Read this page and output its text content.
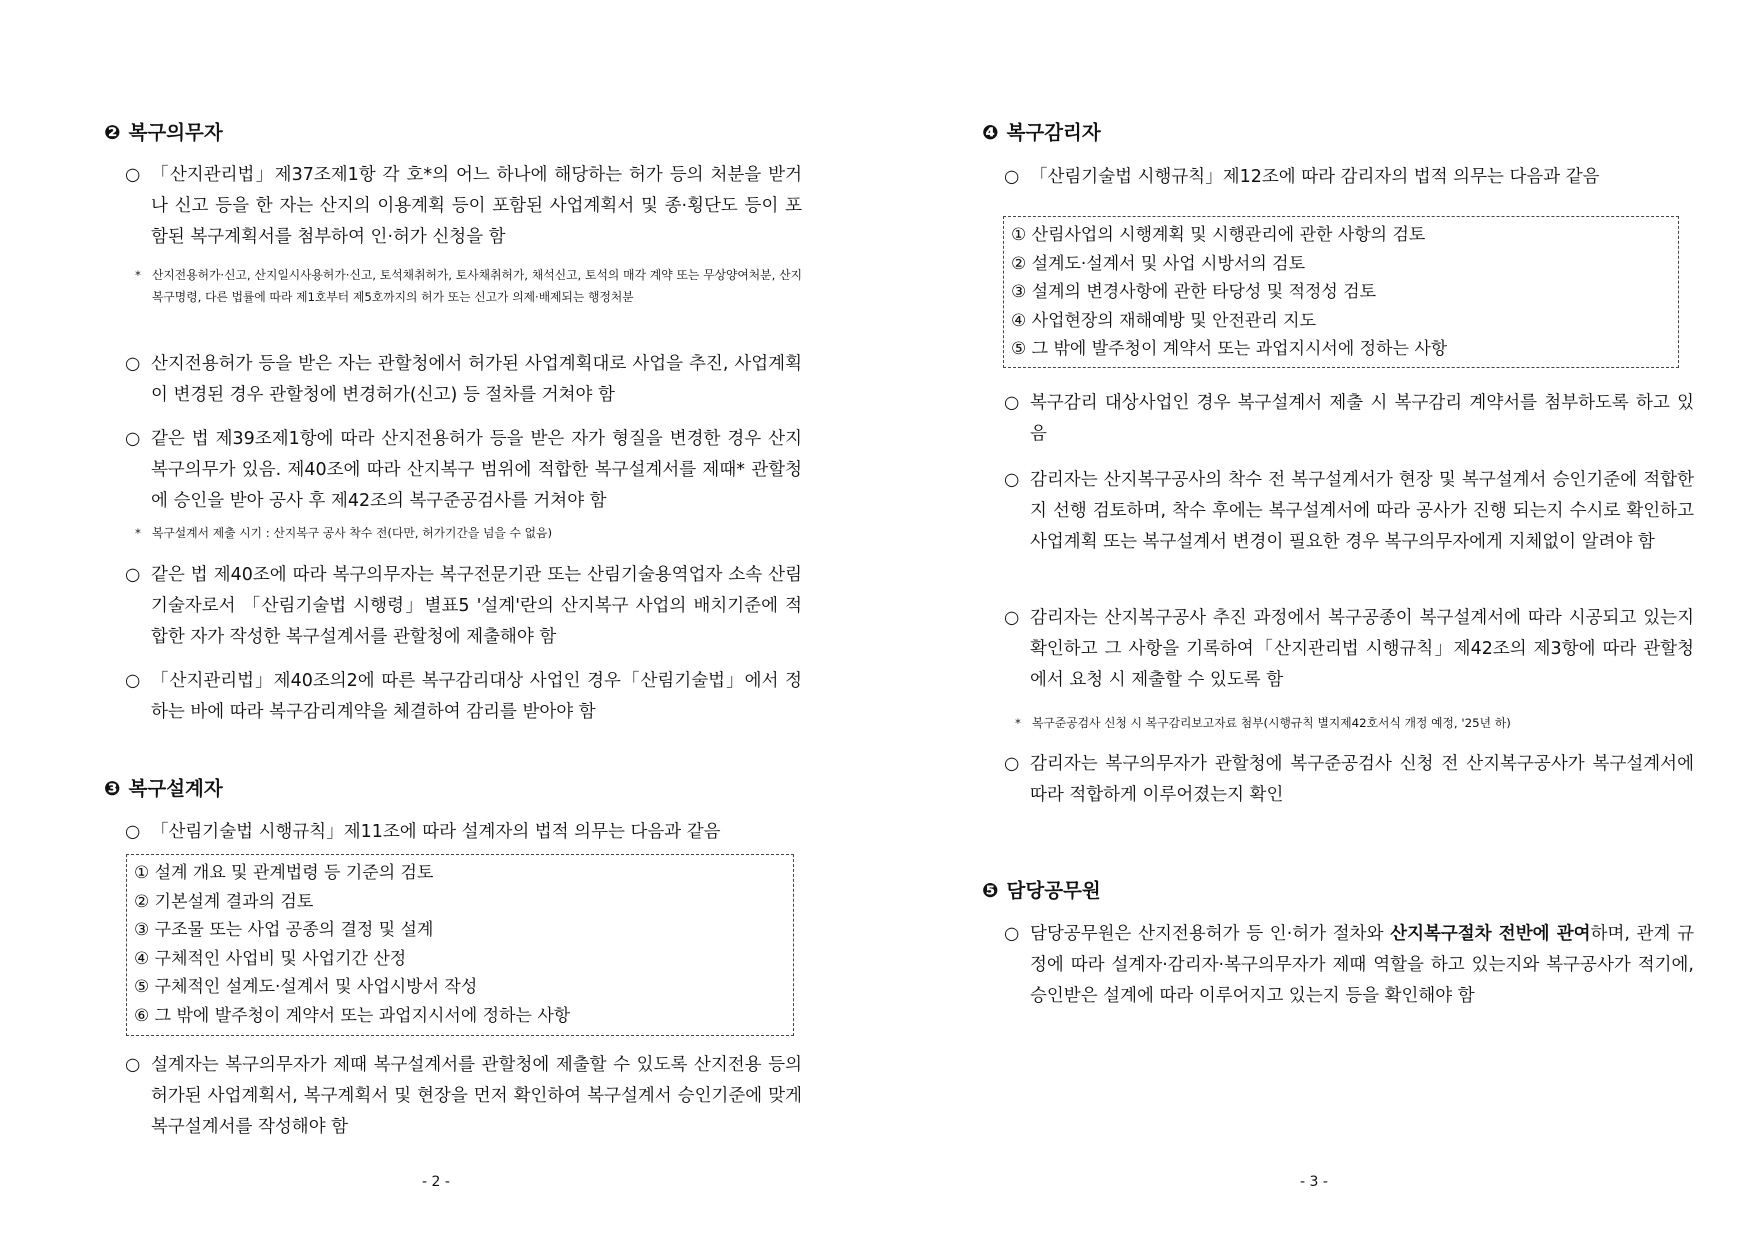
❷ 복구의무자
○ 「산지관리법」제37조제1항 각 호*의 어느 하나에 해당하는 허가 등의 처분을 받거나 신고 등을 한 자는 산지의 이용계획 등이 포함된 사업계획서 및 종·횡단도 등이 포함된 복구계획서를 첨부하여 인·허가 신청을 함
* 산지전용허가·신고, 산지일시사용허가·신고, 토석채취허가, 토사채취허가, 채석신고, 토석의 매각 계약 또는 무상양여처분, 산지복구명령, 다른 법률에 따라 제1호부터 제5호까지의 허가 또는 신고가 의제·배제되는 행정처분
○ 산지전용허가 등을 받은 자는 관할청에서 허가된 사업계획대로 사업을 추진, 사업계획이 변경된 경우 관할청에 변경허가(신고) 등 절차를 거쳐야 함
○ 같은 법 제39조제1항에 따라 산지전용허가 등을 받은 자가 형질을 변경한 경우 산지복구의무가 있음. 제40조에 따라 산지복구 범위에 적합한 복구설계서를 제때* 관할청에 승인을 받아 공사 후 제42조의 복구준공검사를 거쳐야 함
* 복구설계서 제출 시기 : 산지복구 공사 착수 전(다만, 허가기간을 넘을 수 없음)
○ 같은 법 제40조에 따라 복구의무자는 복구전문기관 또는 산림기술용역업자 소속 산림기술자로서 「산림기술법 시행령」별표5 '설계'란의 산지복구 사업의 배치기준에 적합한 자가 작성한 복구설계서를 관할청에 제출해야 함
○ 「산지관리법」제40조의2에 따른 복구감리대상 사업인 경우「산림기술법」에서 정하는 바에 따라 복구감리계약을 체결하여 감리를 받아야 함
❸ 복구설계자
○ 「산림기술법 시행규칙」제11조에 따라 설계자의 법적 의무는 다음과 같음
① 설계 개요 및 관계법령 등 기준의 검토
② 기본설계 결과의 검토
③ 구조물 또는 사업 공종의 결정 및 설계
④ 구체적인 사업비 및 사업기간 산정
⑤ 구체적인 설계도·설계서 및 사업시방서 작성
⑥ 그 밖에 발주청이 계약서 또는 과업지시서에 정하는 사항
○ 설계자는 복구의무자가 제때 복구설계서를 관할청에 제출할 수 있도록 산지전용 등의 허가된 사업계획서, 복구계획서 및 현장을 먼저 확인하여 복구설계서 승인기준에 맞게 복구설계서를 작성해야 함
- 2 -
❹ 복구감리자
○ 「산림기술법 시행규칙」제12조에 따라 감리자의 법적 의무는 다음과 같음
① 산림사업의 시행계획 및 시행관리에 관한 사항의 검토
② 설계도·설계서 및 사업 시방서의 검토
③ 설계의 변경사항에 관한 타당성 및 적정성 검토
④ 사업현장의 재해예방 및 안전관리 지도
⑤ 그 밖에 발주청이 계약서 또는 과업지시서에 정하는 사항
○ 복구감리 대상사업인 경우 복구설계서 제출 시 복구감리 계약서를 첨부하도록 하고 있음
○ 감리자는 산지복구공사의 착수 전 복구설계서가 현장 및 복구설계서 승인기준에 적합한지 선행 검토하며, 착수 후에는 복구설계서에 따라 공사가 진행 되는지 수시로 확인하고 사업계획 또는 복구설계서 변경이 필요한 경우 복구의무자에게 지체없이 알려야 함
○ 감리자는 산지복구공사 추진 과정에서 복구공종이 복구설계서에 따라 시공되고 있는지 확인하고 그 사항을 기록하여「산지관리법 시행규칙」제42조의 제3항에 따라 관할청에서 요청 시 제출할 수 있도록 함
* 복구준공검사 신청 시 복구감리보고자료 첨부(시행규칙 별지제42호서식 개정 예정, '25년 하)
○ 감리자는 복구의무자가 관할청에 복구준공검사 신청 전 산지복구공사가 복구설계서에 따라 적합하게 이루어졌는지 확인
❺ 담당공무원
○ 담당공무원은 산지전용허가 등 인·허가 절차와 산지복구절차 전반에 관여하며, 관계 규정에 따라 설계자·감리자·복구의무자가 제때 역할을 하고 있는지와 복구공사가 적기에, 승인받은 설계에 따라 이루어지고 있는지 등을 확인해야 함
- 3 -
